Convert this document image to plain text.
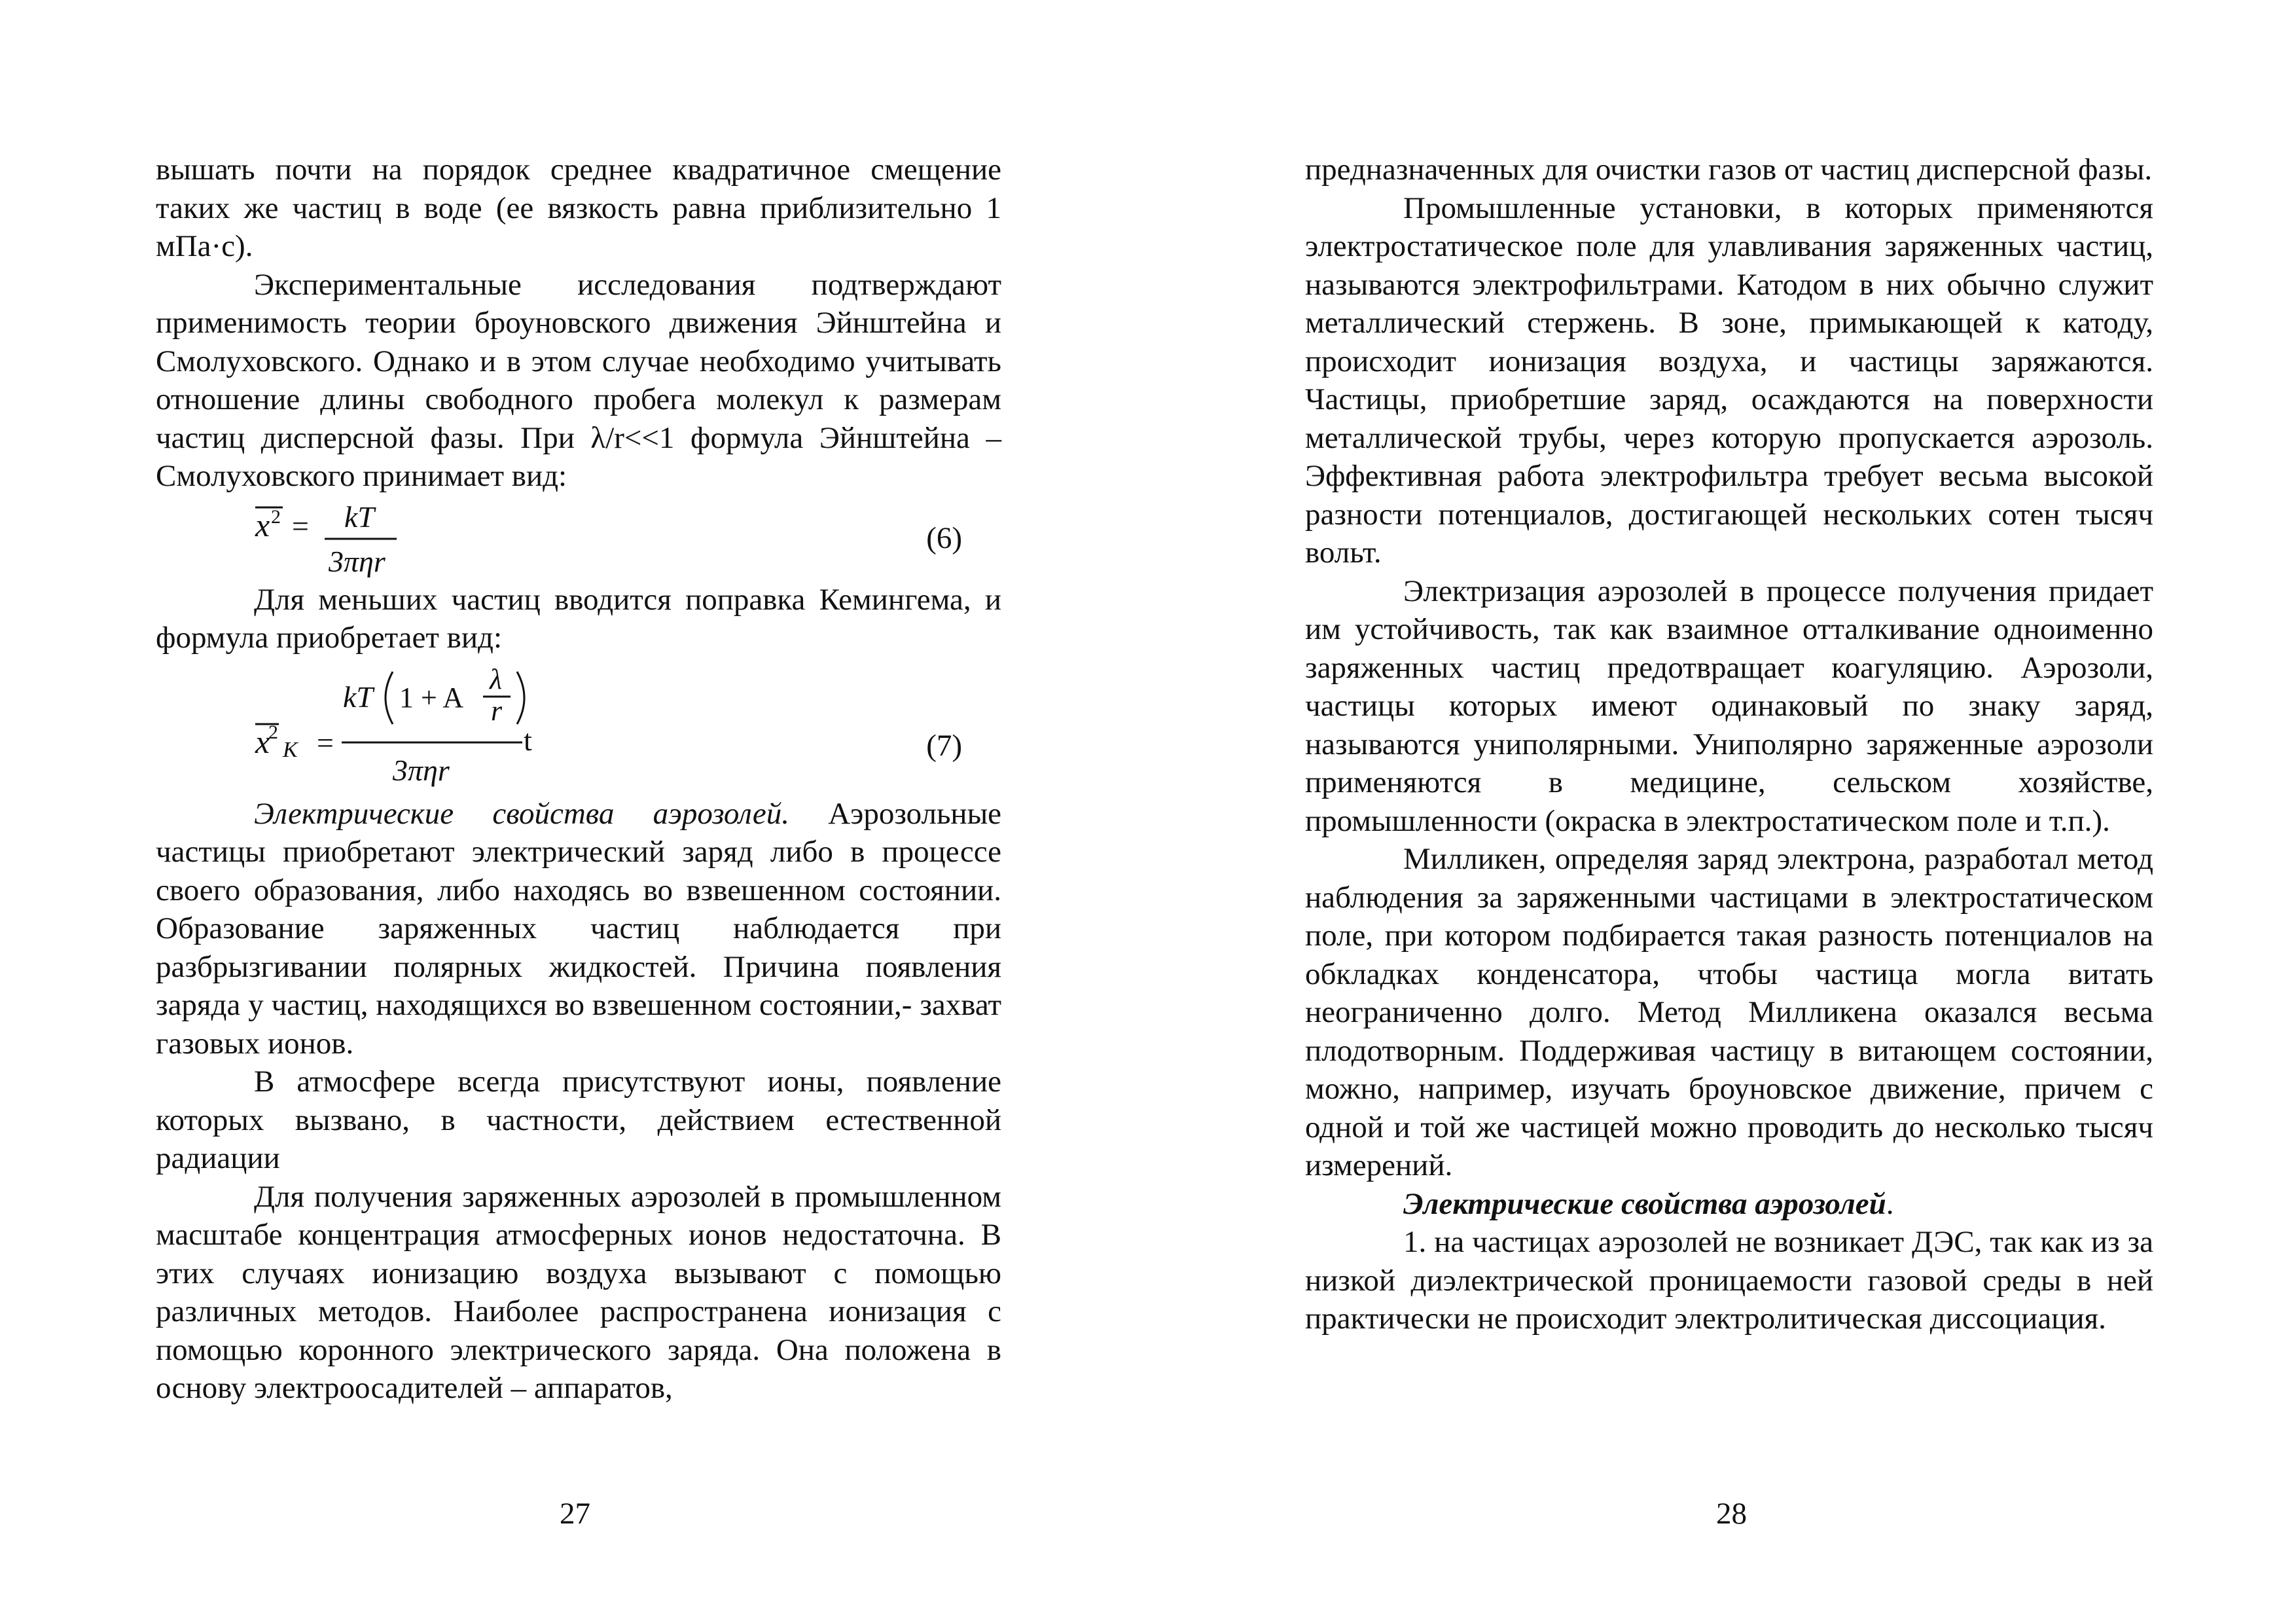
вышать почти на порядок среднее квадратичное смещение таких же частиц в воде (ее вязкость равна приблизительно 1 мПа·с).

Экспериментальные исследования подтверждают применимость теории броуновского движения Эйнштейна и Смолуховского. Однако и в этом случае необходимо учитывать отношение длины свободного пробега молекул к размерам частиц дисперсной фазы. При λ/r<<1 формула Эйнштейна – Смолуховского принимает вид:

x 2 = kT
3πηr
(6)

Для меньших частиц вводится поправка Кемингема, и формула приобретает вид:

x
2
К =
kT 1 + A
λ
r
t
3πηr
(7)

Электрические свойства аэрозолей. Аэрозольные частицы приобретают электрический заряд либо в процессе своего образования, либо находясь во взвешенном состоянии. Образование заряженных частиц наблюдается при разбрызгивании полярных жидкостей. Причина появления заряда у частиц, находящихся во взвешенном состоянии,- захват газовых ионов.

В атмосфере всегда присутствуют ионы, появление которых вызвано, в частности, действием естественной радиации

Для получения заряженных аэрозолей в промышленном масштабе концентрация атмосферных ионов недостаточна. В этих случаях ионизацию воздуха вызывают с помощью различных методов. Наиболее распространена ионизация с помощью коронного электрического заряда. Она положена в основу электроосадителей – аппаратов,

предназначенных для очистки газов от частиц дисперсной фазы.

Промышленные установки, в которых применяются электростатическое поле для улавливания заряженных частиц, называются электрофильтрами. Катодом в них обычно служит металлический стержень. В зоне, примыкающей к катоду, происходит ионизация воздуха, и частицы заряжаются. Частицы, приобретшие заряд, осаждаются на поверхности металлической трубы, через которую пропускается аэрозоль. Эффективная работа электрофильтра требует весьма высокой разности потенциалов, достигающей нескольких сотен тысяч вольт.

Электризация аэрозолей в процессе получения придает им устойчивость, так как взаимное отталкивание одноименно заряженных частиц предотвращает коагуляцию. Аэрозоли, частицы которых имеют одинаковый по знаку заряд, называются униполярными. Униполярно заряженные аэрозоли применяются в медицине, сельском хозяйстве, промышленности (окраска в электростатическом поле и т.п.).

Милликен, определяя заряд электрона, разработал метод наблюдения за заряженными частицами в электростатическом поле, при котором подбирается такая разность потенциалов на обкладках конденсатора, чтобы частица могла витать неограниченно долго. Метод Милликена оказался весьма плодотворным. Поддерживая частицу в витающем состоянии, можно, например, изучать броуновское движение, причем с одной и той же частицей можно проводить до несколько тысяч измерений.

Электрические свойства аэрозолей.

1. на частицах аэрозолей не возникает ДЭС, так как из за низкой диэлектрической проницаемости газовой среды в ней практически не происходит электролитическая диссоциация.

27	28
